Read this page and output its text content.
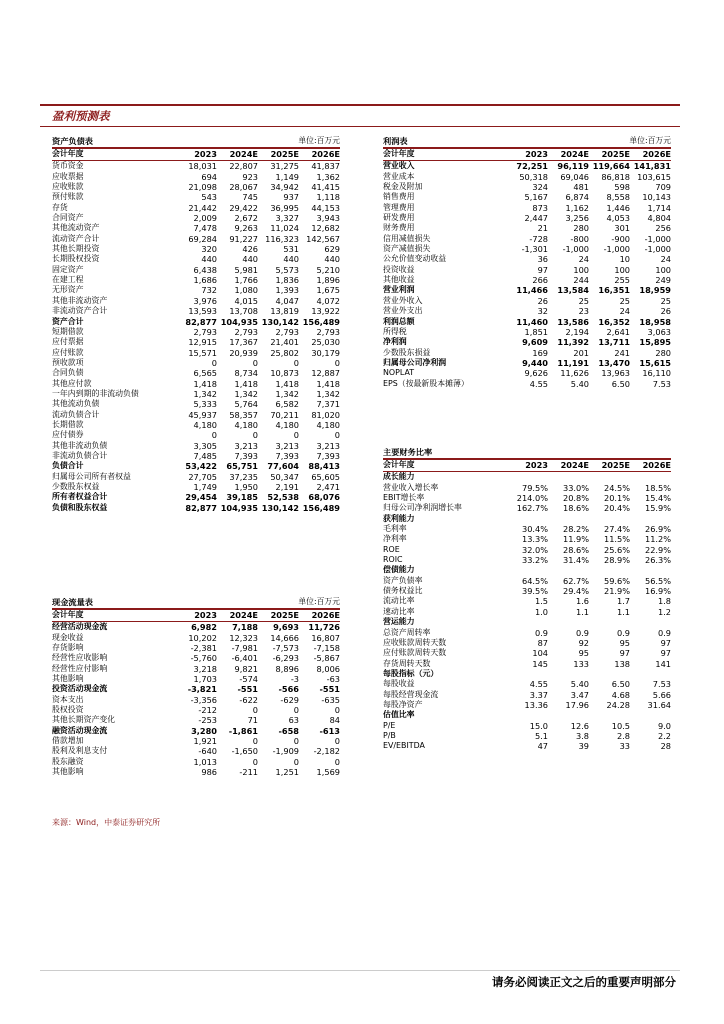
盈利预测表
资产负债表	单位:百万元
会计年度	2023	2024E	2025E	2026E
货币资金	18,031	22,807	31,275	41,837
应收票据	694	923	1,149	1,362
应收账款	21,098	28,067	34,942	41,415
预付账款	543	745	937	1,118
存货	21,442	29,422	36,995	44,153
合同资产	2,009	2,672	3,327	3,943
其他流动资产	7,478	9,263	11,024	12,682
流动资产合计	69,284	91,227 116,323 142,567
其他长期投资	320	426	531	629
长期股权投资	440	440	440	440
固定资产	6,438	5,981	5,573	5,210
在建工程	1,686	1,766	1,836	1,896
无形资产	732	1,080	1,393	1,675
其他非流动资产	3,976	4,015	4,047	4,072
非流动资产合计	13,593	13,708	13,819	13,922
资产合计	82,877 104,935 130,142 156,489
短期借款	2,793	2,793	2,793	2,793
应付票据	12,915	17,367	21,401	25,030
应付账款	15,571	20,939	25,802	30,179
预收款项	0	0	0	0
合同负债	6,565	8,734	10,873	12,887
其他应付款	1,418	1,418	1,418	1,418
一年内到期的非流动负债	1,342	1,342	1,342	1,342
其他流动负债	5,333	5,764	6,582	7,371
流动负债合计	45,937	58,357	70,211	81,020
长期借款	4,180	4,180	4,180	4,180
应付债券	0	0	0	0
其他非流动负债	3,305	3,213	3,213	3,213
非流动负债合计	7,485	7,393	7,393	7,393
负债合计	53,422	65,751	77,604	88,413
归属母公司所有者权益	27,705	37,235	50,347	65,605
少数股东权益	1,749	1,950	2,191	2,471
所有者权益合计	29,454	39,185	52,538	68,076
负债和股东权益	82,877 104,935 130,142 156,489
现金流量表	单位:百万元
会计年度	2023	2024E	2025E	2026E
经营活动现金流	6,982	7,188	9,693	11,726
现金收益	10,202	12,323	14,666	16,807
存货影响	-2,381	-7,981	-7,573	-7,158
经营性应收影响	-5,760	-6,401	-6,293	-5,867
经营性应付影响	3,218	9,821	8,896	8,006
其他影响	1,703	-574	-3	-63
投资活动现金流	-3,821	-551	-566	-551
资本支出	-3,356	-622	-629	-635
股权投资	-212	0	0	0
其他长期资产变化	-253	71	63	84
融资活动现金流	3,280	-1,861	-658	-613
借款增加	1,921	0	0	0
股利及利息支付	-640	-1,650	-1,909	-2,182
股东融资	1,013	0	0	0
其他影响	986	-211	1,251	1,569
利润表	单位:百万元
会计年度	2023	2024E	2025E	2026E
营业收入	72,251	96,119 119,664 141,831
营业成本	50,318	69,046	86,818 103,615
税金及附加	324	481	598	709
销售费用	5,167	6,874	8,558	10,143
管理费用	873	1,162	1,446	1,714
研发费用	2,447	3,256	4,053	4,804
财务费用	21	280	301	256
信用减值损失	-728	-800	-900	-1,000
资产减值损失	-1,301	-1,000	-1,000	-1,000
公允价值变动收益	36	24	10	24
投资收益	97	100	100	100
其他收益	266	244	255	249
营业利润	11,466	13,584	16,351	18,959
营业外收入	26	25	25	25
营业外支出	32	23	24	26
利润总额	11,460	13,586	16,352	18,958
所得税	1,851	2,194	2,641	3,063
净利润	9,609	11,392	13,711	15,895
少数股东损益	169	201	241	280
归属母公司净利润	9,440	11,191	13,470	15,615
NOPLAT	9,626	11,626	13,963	16,110
EPS（按最新股本摊薄）	4.55	5.40	6.50	7.53
主要财务比率
会计年度	2023	2024E	2025E	2026E
成长能力
营业收入增长率	79.5%	33.0%	24.5%	18.5%
EBIT增长率	214.0%	20.8%	20.1%	15.4%
归母公司净利润增长率	162.7%	18.6%	20.4%	15.9%
获利能力
毛利率	30.4%	28.2%	27.4%	26.9%
净利率	13.3%	11.9%	11.5%	11.2%
ROE	32.0%	28.6%	25.6%	22.9%
ROIC	33.2%	31.4%	28.9%	26.3%
偿债能力
资产负债率	64.5%	62.7%	59.6%	56.5%
债务权益比	39.5%	29.4%	21.9%	16.9%
流动比率	1.5	1.6	1.7	1.8
速动比率	1.0	1.1	1.1	1.2
营运能力
总资产周转率	0.9	0.9	0.9	0.9
应收账款周转天数	87	92	95	97
应付账款周转天数	104	95	97	97
存货周转天数	145	133	138	141
每股指标（元）
每股收益	4.55	5.40	6.50	7.53
每股经营现金流	3.37	3.47	4.68	5.66
每股净资产	13.36	17.96	24.28	31.64
估值比率
P/E	15.0	12.6	10.5	9.0
P/B	5.1	3.8	2.8	2.2
EV/EBITDA	47	39	33	28
来源：Wind，中泰证券研究所
请务必阅读正文之后的重要声明部分
